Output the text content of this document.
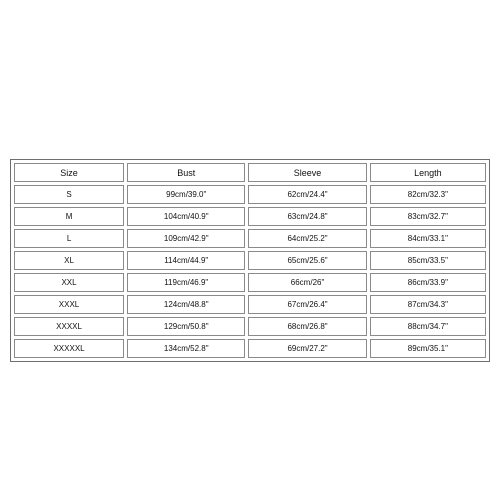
Size	Bust	Sleeve	Length
S	99cm/39.0"	62cm/24.4"	82cm/32.3"
M	104cm/40.9"	63cm/24.8"	83cm/32.7"
L	109cm/42.9"	64cm/25.2"	84cm/33.1"
XL	114cm/44.9"	65cm/25.6"	85cm/33.5"
XXL	119cm/46.9"	66cm/26"	86cm/33.9"
XXXL	124cm/48.8"	67cm/26.4"	87cm/34.3"
XXXXL	129cm/50.8"	68cm/26.8"	88cm/34.7"
XXXXXL	134cm/52.8"	69cm/27.2"	89cm/35.1"
